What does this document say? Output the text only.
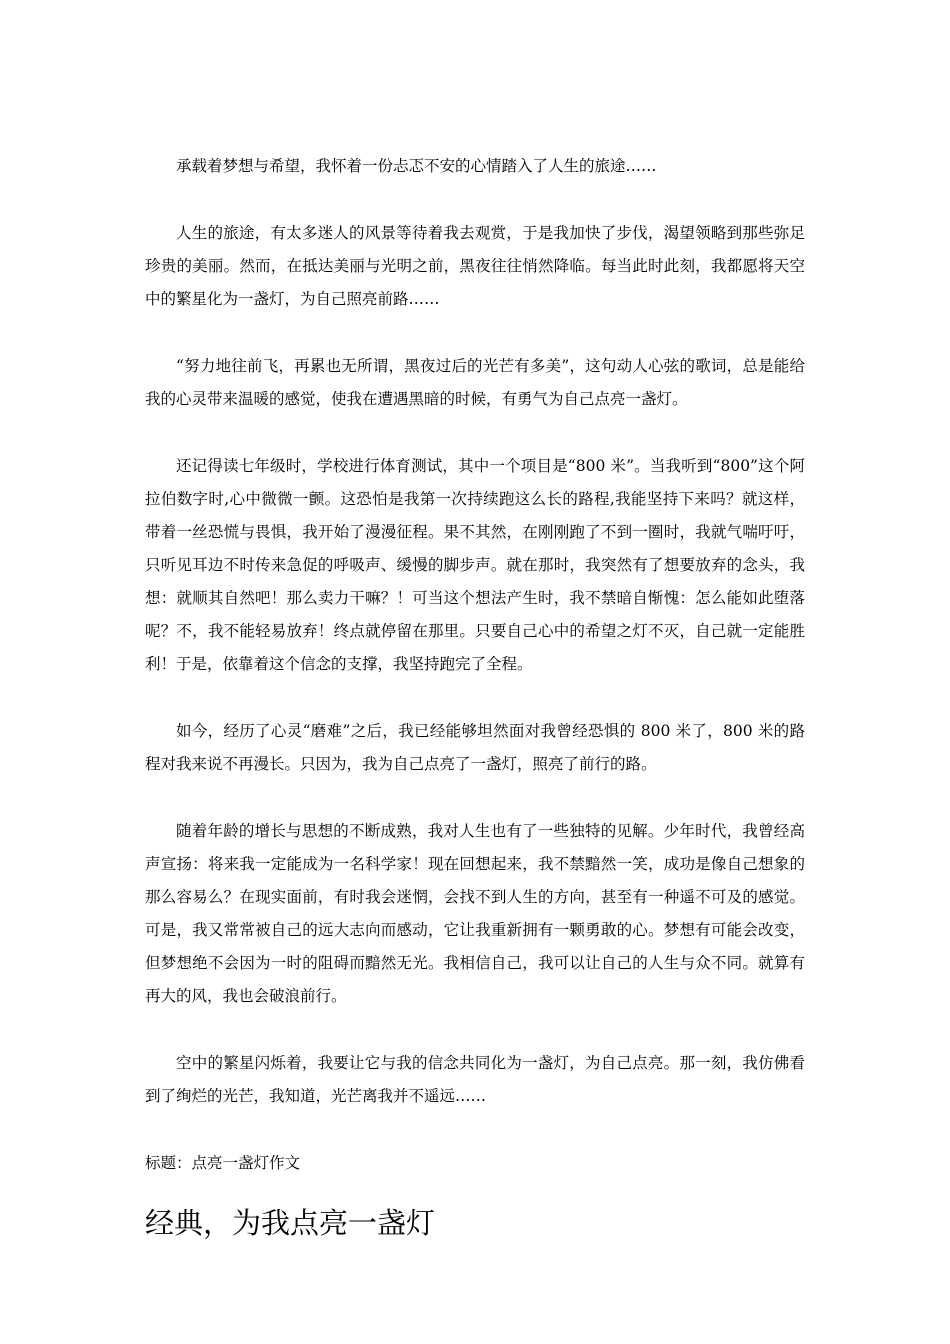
承载着梦想与希望，我怀着一份忐忑不安的心情踏入了人生的旅途……

人生的旅途，有太多迷人的风景等待着我去观赏，于是我加快了步伐，渴望领略到那些弥足珍贵的美丽。然而，在抵达美丽与光明之前，黑夜往往悄然降临。每当此时此刻，我都愿将天空中的繁星化为一盏灯，为自己照亮前路……

“努力地往前飞，再累也无所谓，黑夜过后的光芒有多美”，这句动人心弦的歌词，总是能给我的心灵带来温暖的感觉，使我在遭遇黑暗的时候，有勇气为自己点亮一盏灯。

还记得读七年级时，学校进行体育测试，其中一个项目是“800 米”。当我听到“800”这个阿拉伯数字时,心中微微一颤。这恐怕是我第一次持续跑这么长的路程,我能坚持下来吗？就这样，带着一丝恐慌与畏惧，我开始了漫漫征程。果不其然，在刚刚跑了不到一圈时，我就气喘吁吁，只听见耳边不时传来急促的呼吸声、缓慢的脚步声。就在那时，我突然有了想要放弃的念头，我想：就顺其自然吧！那么卖力干嘛？！可当这个想法产生时，我不禁暗自惭愧：怎么能如此堕落呢？不，我不能轻易放弃！终点就停留在那里。只要自己心中的希望之灯不灭，自己就一定能胜利！于是，依靠着这个信念的支撑，我坚持跑完了全程。

如今，经历了心灵“磨难”之后，我已经能够坦然面对我曾经恐惧的 800 米了，800 米的路程对我来说不再漫长。只因为，我为自己点亮了一盏灯，照亮了前行的路。

随着年龄的增长与思想的不断成熟，我对人生也有了一些独特的见解。少年时代，我曾经高声宣扬：将来我一定能成为一名科学家！现在回想起来，我不禁黯然一笑，成功是像自己想象的那么容易么？在现实面前，有时我会迷惘，会找不到人生的方向，甚至有一种遥不可及的感觉。可是，我又常常被自己的远大志向而感动，它让我重新拥有一颗勇敢的心。梦想有可能会改变，但梦想绝不会因为一时的阻碍而黯然无光。我相信自己，我可以让自己的人生与众不同。就算有再大的风，我也会破浪前行。

空中的繁星闪烁着，我要让它与我的信念共同化为一盏灯，为自己点亮。那一刻，我仿佛看到了绚烂的光芒，我知道，光芒离我并不遥远……

标题：点亮一盏灯作文

经典，为我点亮一盏灯
